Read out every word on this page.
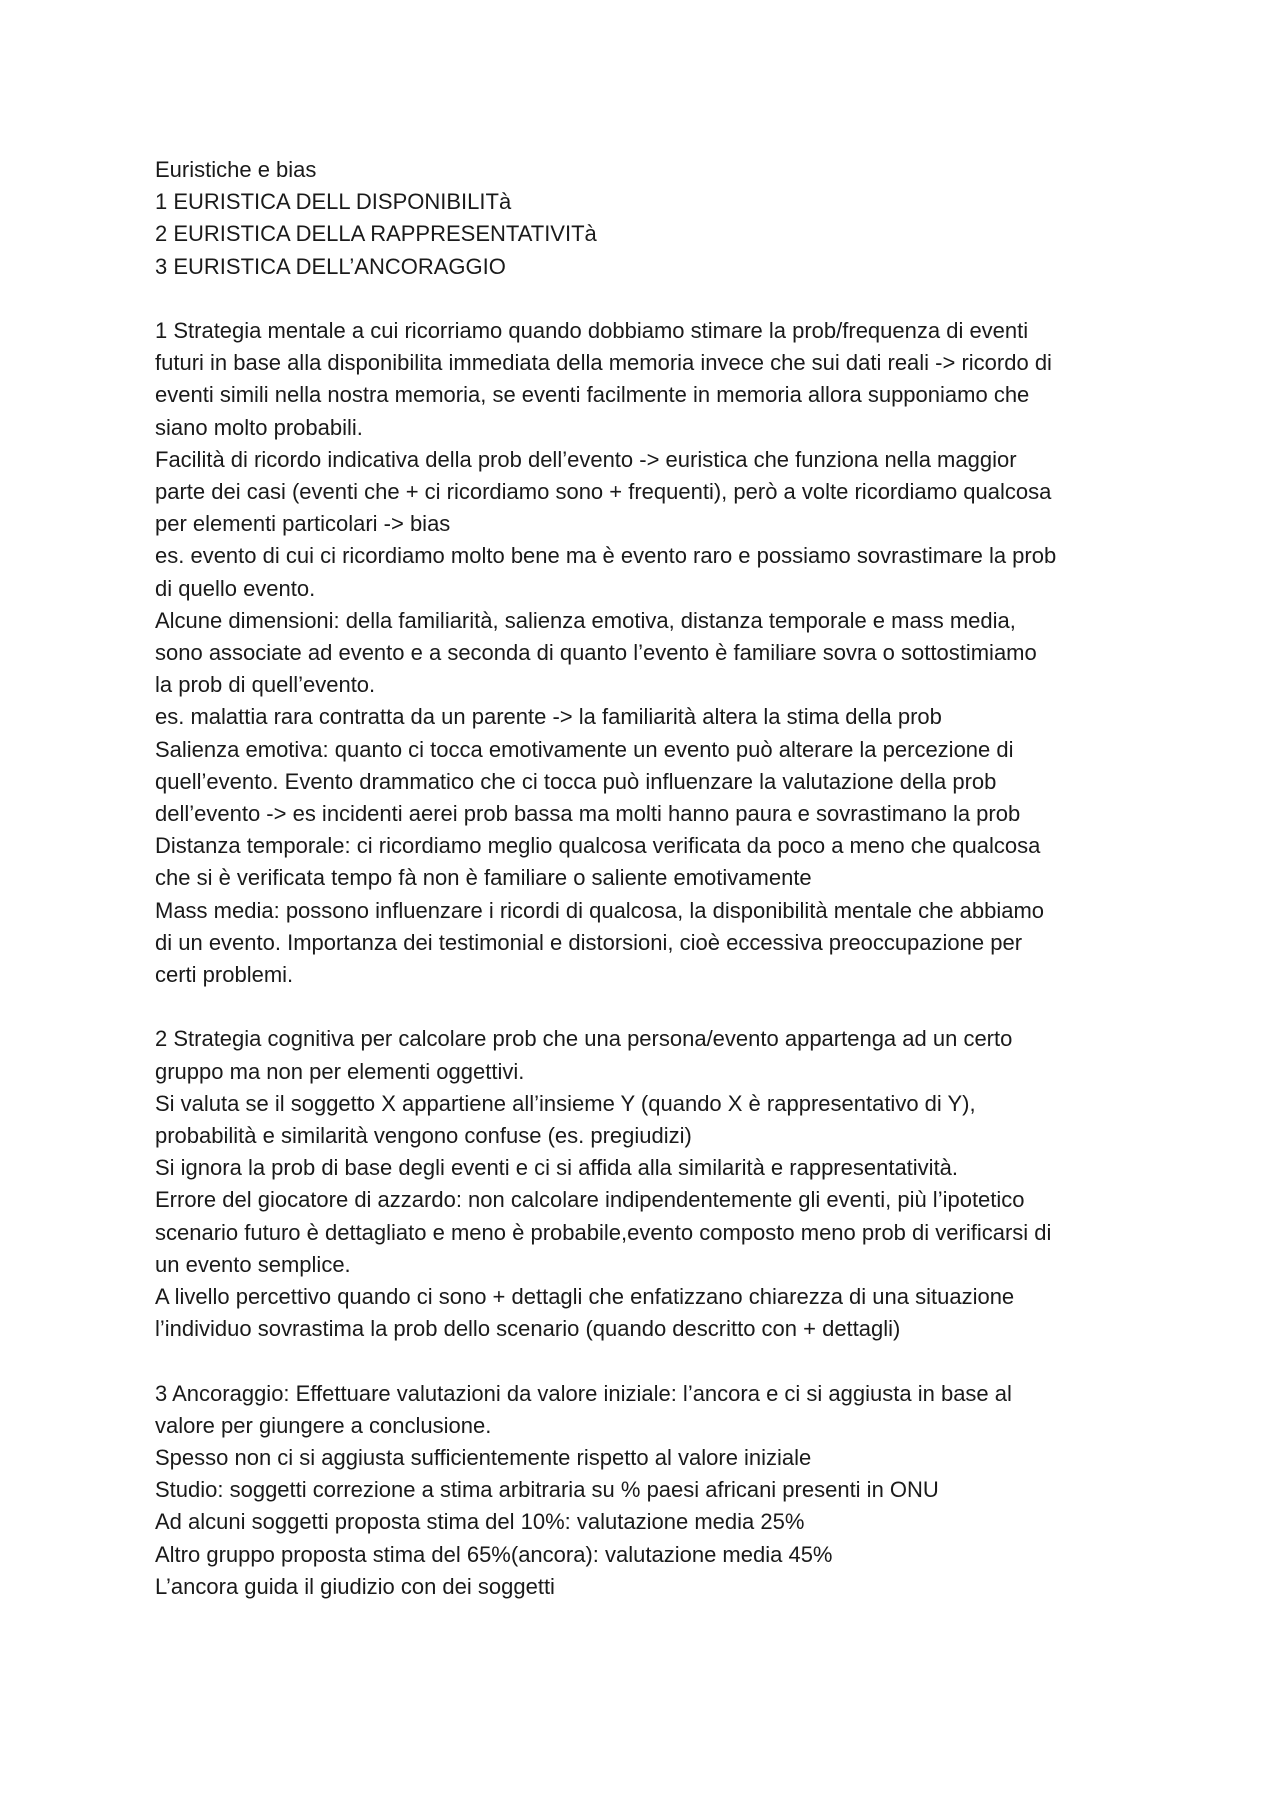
Euristiche e bias
1 EURISTICA DELL DISPONIBILITà
2 EURISTICA DELLA RAPPRESENTATIVITà
3 EURISTICA DELL’ANCORAGGIO
1 Strategia mentale a cui ricorriamo quando dobbiamo stimare la prob/frequenza di eventi
futuri in base alla disponibilita immediata della memoria invece che sui dati reali -> ricordo di
eventi simili nella nostra memoria, se eventi facilmente in memoria allora supponiamo che
siano molto probabili.
Facilità di ricordo indicativa della prob dell’evento -> euristica che funziona nella maggior
parte dei casi (eventi che + ci ricordiamo sono + frequenti), però a volte ricordiamo qualcosa
per elementi particolari -> bias
es. evento di cui ci ricordiamo molto bene ma è evento raro e possiamo sovrastimare la prob
di quello evento.
Alcune dimensioni: della familiarità, salienza emotiva, distanza temporale e mass media,
sono associate ad evento e a seconda di quanto l’evento è familiare sovra o sottostimiamo
la prob di quell’evento.
es. malattia rara contratta da un parente -> la familiarità altera la stima della prob
Salienza emotiva: quanto ci tocca emotivamente un evento può alterare la percezione di
quell’evento. Evento drammatico che ci tocca può influenzare la valutazione della prob
dell’evento -> es incidenti aerei prob bassa ma molti hanno paura e sovrastimano la prob
Distanza temporale: ci ricordiamo meglio qualcosa verificata da poco a meno che qualcosa
che si è verificata tempo fà non è familiare o saliente emotivamente
Mass media: possono influenzare i ricordi di qualcosa, la disponibilità mentale che abbiamo
di un evento. Importanza dei testimonial e distorsioni, cioè eccessiva preoccupazione per
certi problemi.
2 Strategia cognitiva per calcolare prob che una persona/evento appartenga ad un certo
gruppo ma non per elementi oggettivi.
Si valuta se il soggetto X appartiene all’insieme Y (quando X è rappresentativo di Y),
probabilità e similarità vengono confuse (es. pregiudizi)
Si ignora la prob di base degli eventi e ci si affida alla similarità e rappresentatività.
Errore del giocatore di azzardo: non calcolare indipendentemente gli eventi, più l’ipotetico
scenario futuro è dettagliato e meno è probabile,evento composto meno prob di verificarsi di
un evento semplice.
A livello percettivo quando ci sono + dettagli che enfatizzano chiarezza di una situazione
l’individuo sovrastima la prob dello scenario (quando descritto con + dettagli)
3 Ancoraggio: Effettuare valutazioni da valore iniziale: l’ancora e ci si aggiusta in base al
valore per giungere a conclusione.
Spesso non ci si aggiusta sufficientemente rispetto al valore iniziale
Studio: soggetti correzione a stima arbitraria su % paesi africani presenti in ONU
Ad alcuni soggetti proposta stima del 10%: valutazione media 25%
Altro gruppo proposta stima del 65%(ancora): valutazione media 45%
L’ancora guida il giudizio con dei soggetti
